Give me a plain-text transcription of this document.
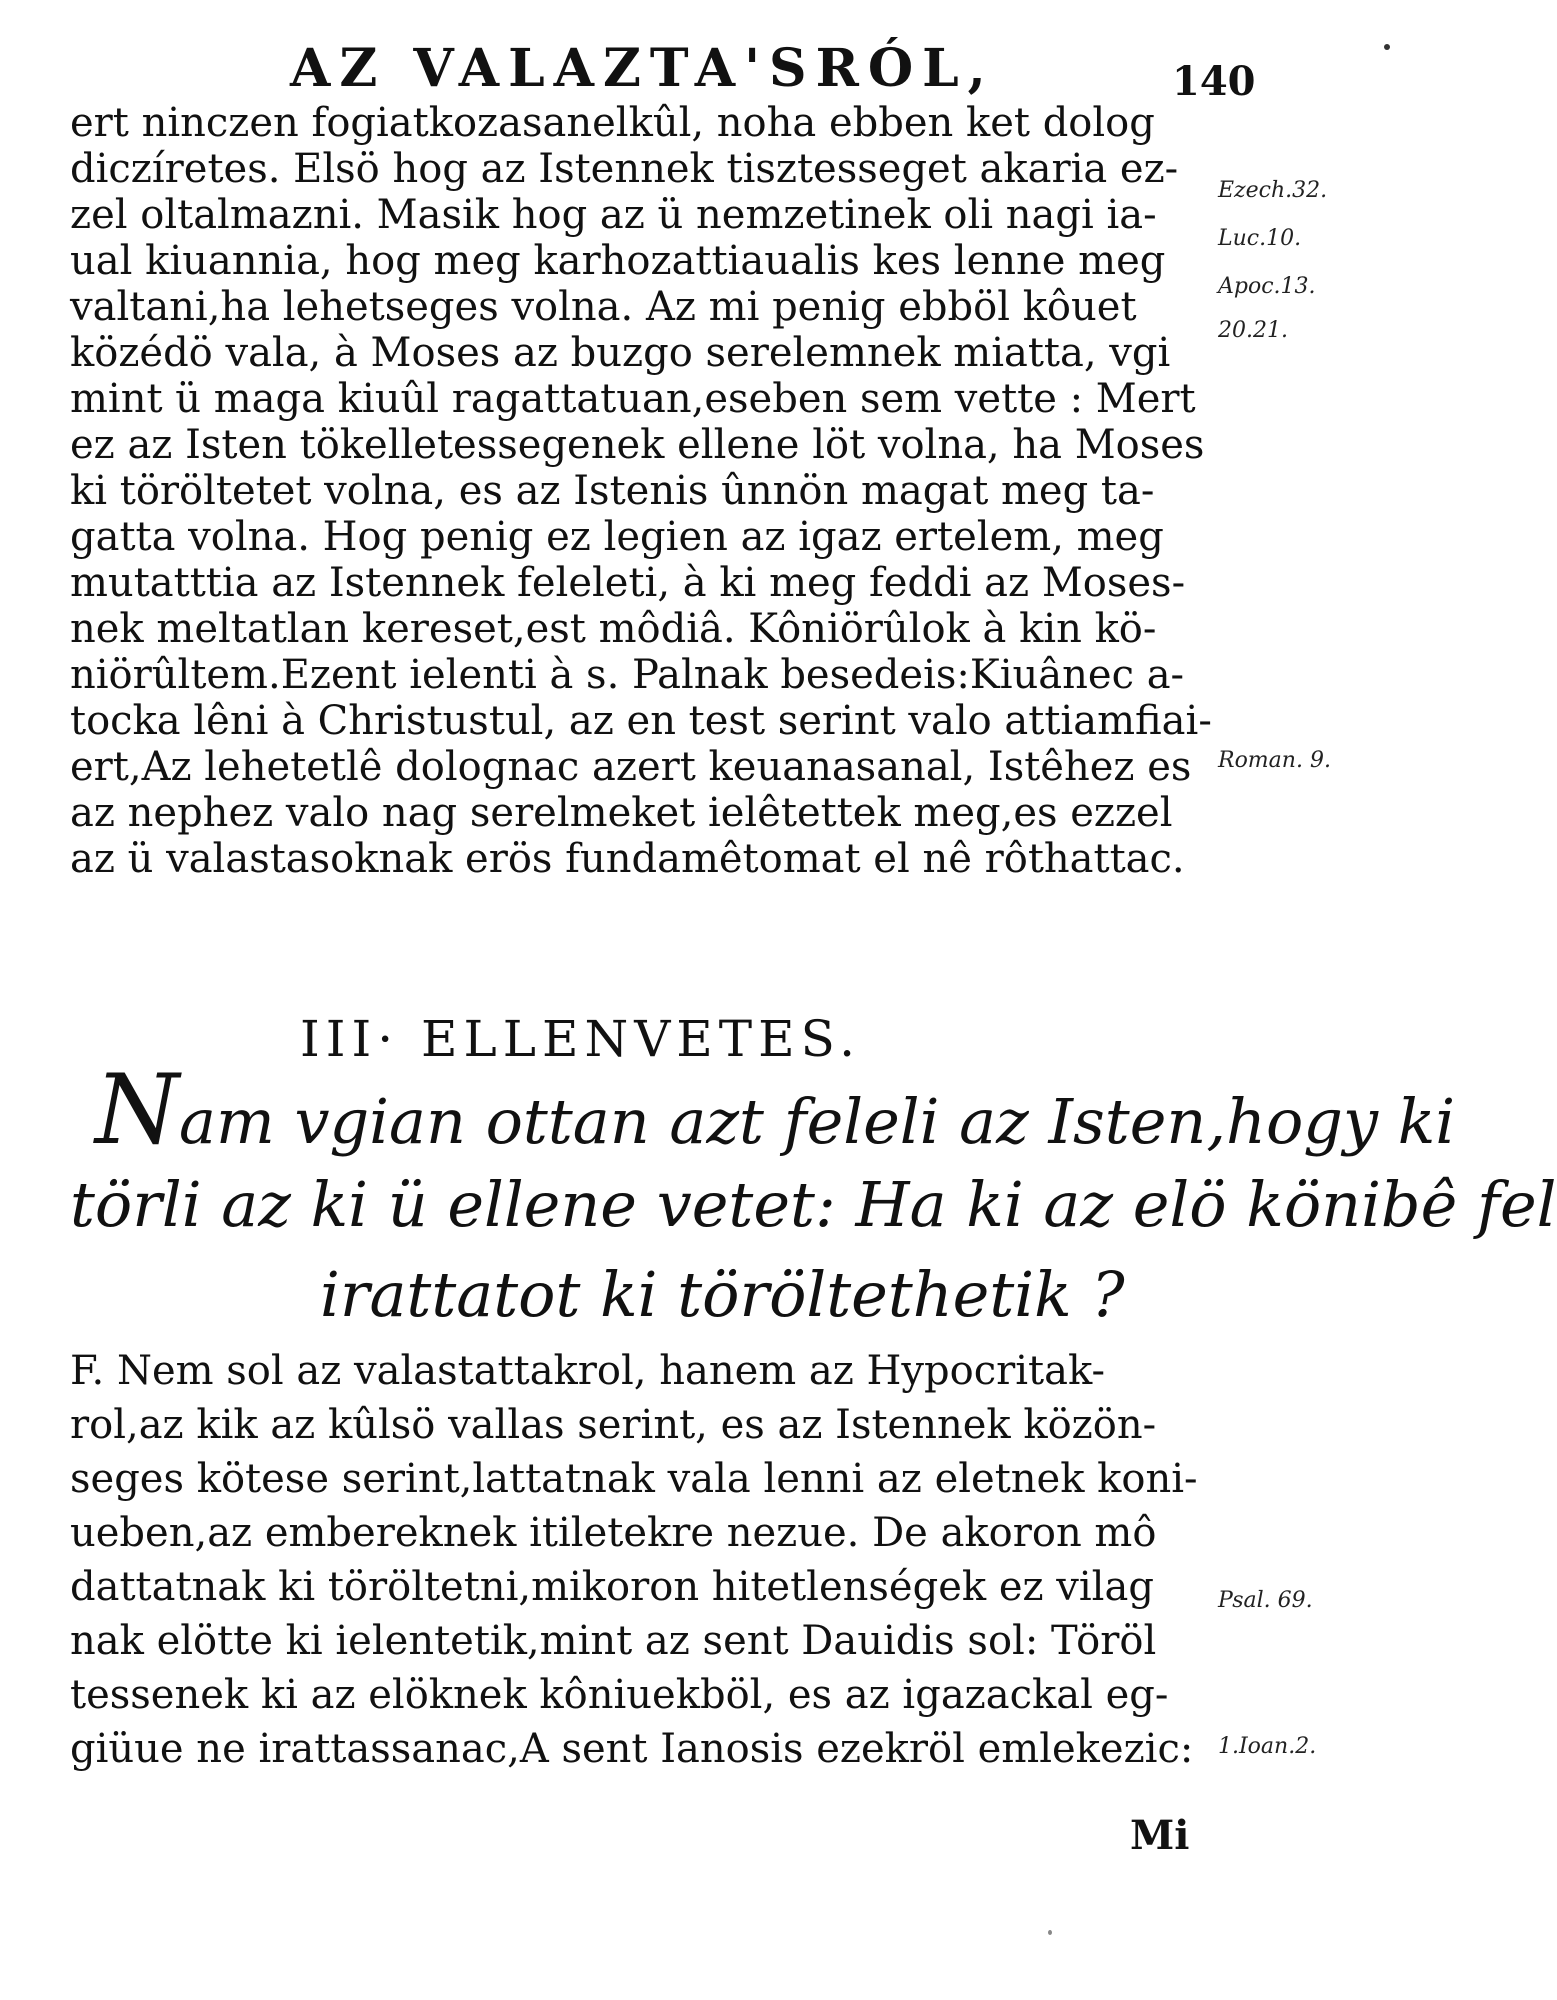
AZ VALAZTA'SRÓL,	140
ert ninczen fogiatkozasanelkûl, noha ebben ket dolog
diczíretes. Elsö hog az Istennek tisztesseget akaria ez-
zel oltalmazni. Masik hog az ü nemzetinek oli nagi ia-
ual kiuannia, hog meg karhozattiaualis kes lenne meg
valtani,ha lehetseges volna. Az mi penig ebböl kôuet
közédö vala, à Moses az buzgo serelemnek miatta, vgi
mint ü maga kiuûl ragattatuan,eseben sem vette : Mert
ez az Isten tökelletessegenek ellene löt volna, ha Moses
ki töröltetet volna, es az Istenis ûnnön magat meg ta-
gatta volna. Hog penig ez legien az igaz ertelem, meg
mutatttia az Istennek feleleti, à ki meg feddi az Moses-
nek meltatlan kereset,est môdiâ. Kôniörûlok à kin kö-
niörûltem.Ezent ielenti à s. Palnak besedeis:Kiuânec a-
tocka lêni à Christustul, az en test serint valo attiamfiai-
ert,Az lehetetlê dolognac azert keuanasanal, Istêhez es
az nephez valo nag serelmeket ielêtettek meg,es ezzel
az ü valastasoknak erös fundamêtomat el nê rôthattac.
III· ELLENVETES.
Nam vgian ottan azt feleli az Isten,hogy ki
törli az ki ü ellene vetet: Ha ki az elö könibê fel
irattatot ki töröltethetik ?
F. Nem sol az valastattakrol, hanem az Hypocritak-
rol,az kik az kûlsö vallas serint, es az Istennek közön-
seges kötese serint,lattatnak vala lenni az eletnek koni-
ueben,az embereknek itiletekre nezue. De akoron mô
dattatnak ki töröltetni,mikoron hitetlenségek ez vilag
nak elötte ki ielentetik,mint az sent Dauidis sol: Töröl
tessenek ki az elöknek kôniuekböl, es az igazackal eg-
giüue ne irattassanac,A sent Ianosis ezekröl emlekezic:
Mi
Ezech.32.
Luc.10.
Apoc.13.
20.21.
Roman. 9.
Psal. 69.
1.Ioan.2.
